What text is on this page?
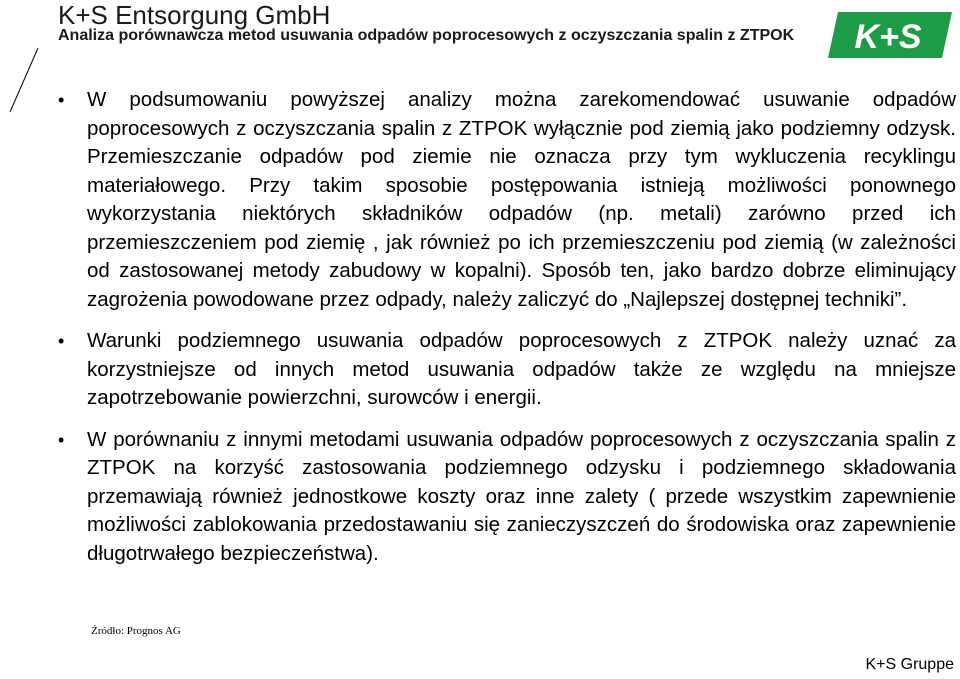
K+S Entsorgung GmbH
Analiza porównawcza metod usuwania odpadów poprocesowych z oczyszczania spalin z ZTPOK	K+S
• W podsumowaniu powyższej analizy można zarekomendować usuwanie odpadów poprocesowych z oczyszczania spalin z ZTPOK wyłącznie pod ziemią jako podziemny odzysk. Przemieszczanie odpadów pod ziemie nie oznacza przy tym wykluczenia recyklingu materiałowego. Przy takim sposobie postępowania istnieją możliwości ponownego wykorzystania niektórych składników odpadów (np. metali) zarówno przed ich przemieszczeniem pod ziemię , jak również po ich przemieszczeniu pod ziemią (w zależności od zastosowanej metody zabudowy w kopalni). Sposób ten, jako bardzo dobrze eliminujący zagrożenia powodowane przez odpady, należy zaliczyć do „Najlepszej dostępnej techniki”.
• Warunki podziemnego usuwania odpadów poprocesowych z ZTPOK należy uznać za korzystniejsze od innych metod usuwania odpadów także ze względu na mniejsze zapotrzebowanie powierzchni, surowców i energii.
• W porównaniu z innymi metodami usuwania odpadów poprocesowych z oczyszczania spalin z ZTPOK na korzyść zastosowania podziemnego odzysku i podziemnego składowania przemawiają również jednostkowe koszty oraz inne zalety ( przede wszystkim zapewnienie możliwości zablokowania przedostawaniu się zanieczyszczeń do środowiska oraz zapewnienie długotrwałego bezpieczeństwa).
Źródło: Prognos AG
K+S Gruppe
